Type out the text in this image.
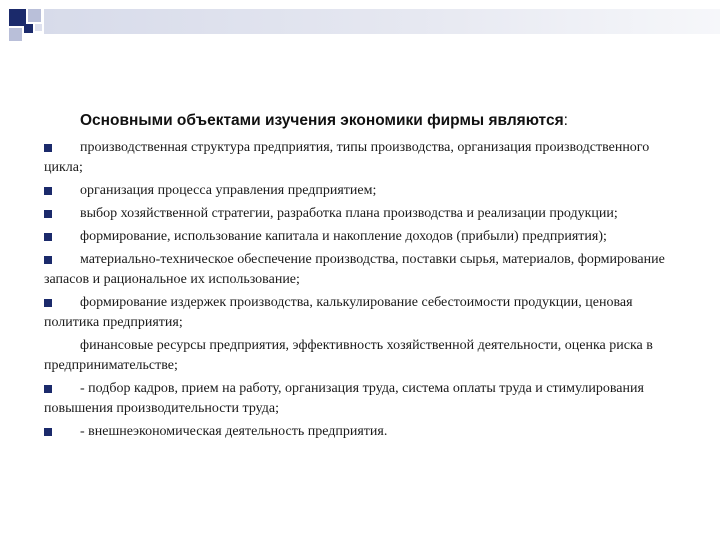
Основными объектами изучения экономики фирмы являются:
производственная структура предприятия, типы производства, организация производственного цикла;
организация процесса управления предприятием;
выбор хозяйственной стратегии, разработка плана производства и реализации продукции;
формирование, использование капитала и накопление доходов (прибыли) предприятия);
материально-техническое обеспечение производства, поставки сырья, материалов, формирование запасов и рациональное их использование;
формирование издержек производства, калькулирование себестоимости продукции, ценовая политика предприятия;
финансовые ресурсы предприятия, эффективность хозяйственной деятельности, оценка риска в предпринимательстве;
- подбор кадров, прием на работу, организация труда, система оплаты труда и стимулирования повышения производительности труда;
- внешнеэкономическая деятельность предприятия.
